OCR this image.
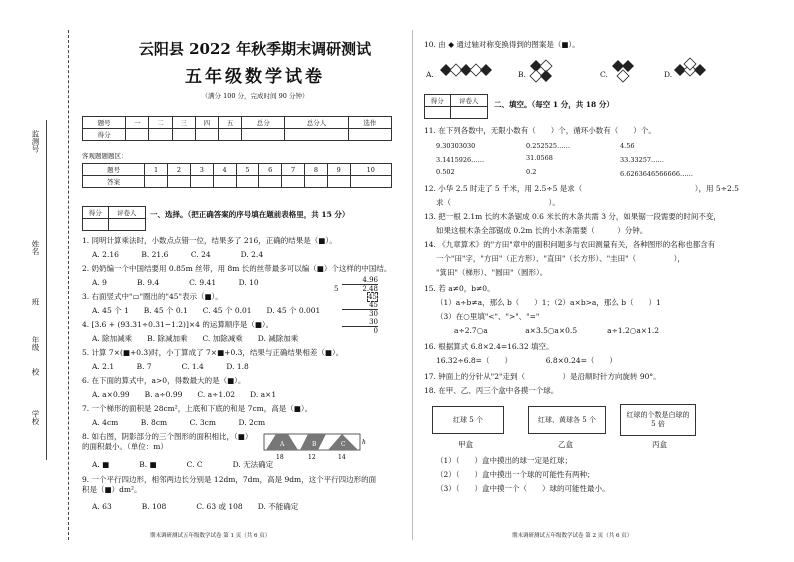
监测号
姓名
班
年级
校
学校
云阳县 2022 年秋季期末调研测试
五年级数学试卷
（满分 100 分，完成时间 90 分钟）
题号	一	二	三	四	五	总分	总分人	选作
得分								
客观题题题区：
题号	1	2	3	4	5	6	7	8	9	10
答案										
得分	评卷人
	一、选择。（把正确答案的序号填在题前表格里，共 15 分）
1. 同明计算乘法时，小数点点错一位，结果多了 216，正确的结果是（■）。
A. 2.16　　　B. 21.6　　　C. 24　　　　D. 2.4
2. 奶奶编一个中国结要用 0.85m 丝带，用 8m 长的丝带最多可以编（■）个这样的中国结。
A. 9　　　　B. 9.4　　　　C. 9.41　　　D. 10
3. 右面竖式中"▭"圈出的"45"表示（■）。
A. 45 个 1　　B. 45 个 0.1　　C. 45 个 0.01　　D. 45 个 0.001
4. [3.6 + (93.31÷0.31−1.2)]×4 的运算顺序是（■）。
A. 除加减乘　　B. 除减加乘　　C. 加除减乘　　D. 减除加乘
5. 计算 7×(■+0.3)时，小丁算成了 7×■+0.3，结果与正确结果相差（■）。
A. 2.1　　　B. 7　　　　C. 1.4　　　D. 1.8
6. 在下面的算式中，a>0，得数最大的是（■）。
A. a×0.99　　B. a÷0.99　　C. a÷1.02　　D. a×1
7. 一个梯形的面积是 28cm²，上底和下底的和是 7cm，高是（■）。
A. 4cm　　　B. 8cm　　　C. 3cm　　　D. 2cm
8. 如右图，阴影部分的三个图形的面积相比，（■）的面积最小。（单位：m）
A. ■　　　　B. ■　　　　C. C　　　　D. 无法确定
9. 一个平行四边形，相邻两边长分别是 12dm，7dm，高是 9dm，这个平行四边形的面积是（■）dm²。
A. 63　　　　B. 108　　　　C. 63 或 108　　D. 不能确定
4.96
5	2.48
45
45
30
30
0
A	B	C
18	12	14
h
期末调研测试五年级数学试卷 第 1 页（共 6 页）	期末调研测试五年级数学试卷 第 2 页（共 6 页）
10. 由 ◆ 通过轴对称变换得到的图案是（■）。
A.	B.	C.	D.
得分	评卷人
	二、填空。（每空 1 分，共 18 分）
11. 在下列各数中，无限小数有（　　）个，循环小数有（　　）个。
9.30303030	0.252525……	4.56
3.1415926……	31.0568	33.33257……
0.502	0.2	6.6263646566666……
12. 小华 2.5 时走了 5 千米，用 2.5÷5 是求（　　　　　　　　　　　　　　　），用 5÷2.5
求（　　　　　　　　　　　　　）。
13. 把一根 2.1m 长的木条锯成 0.6 米长的木条共需 3 分，如果锯一段需要的时间不变，
如果这根木条全部锯成 0.2m 长的小木条需要（　　　）分钟。
14. 《九章算术》的"方田"章中的面积问题多与农田测量有关，各种图形的名称也都含有
一个"田"字，"方田"（正方形）、"直田"（长方形）、"圭田"（　　　　　），
"箕田"（梯形）、"圆田"（圆形）。
15. 若 a≠0，b≠0。
（1）a÷b≠a，那么 b（　　）1；（2）a×b>a，那么 b（　　）1
（3）在○里填"<"、">"、"="
a÷2.7○a　　　　　a×3.5○a×0.5　　　　a÷1.2○a×1.2
16. 根据算式 6.8×2.4=16.32 填空。
16.32÷6.8=（　　）　　　　　6.8×0.24=（　　）
17. 钟面上的分针从"2"走到（　　　　　）是沿顺时针方向旋转 90°。
18. 在甲、乙、丙三个盒中各摸一个球。
红球 5 个	红球、黄球各 5 个
红球的个数是白球的 5 倍
甲盒	乙盒	丙盒
（1）（　　）盒中摸出的球一定是红球；
（2）（　　）盒中摸出一个球的可能性有两种；
（3）（　　）盒中摸一个（　　）球的可能性最小。
